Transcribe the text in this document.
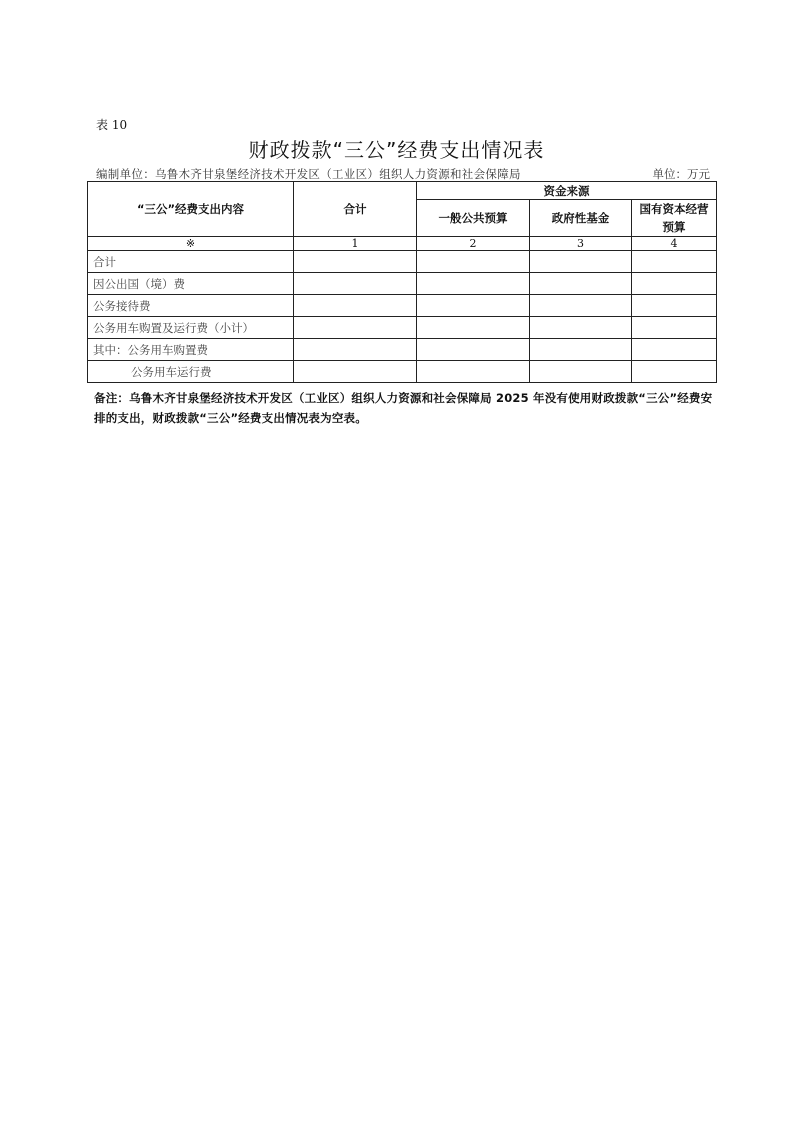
表 10
财政拨款“三公”经费支出情况表
编制单位：乌鲁木齐甘泉堡经济技术开发区（工业区）组织人力资源和社会保障局	单位：万元
“三公”经费支出内容	合计	资金来源		
		一般公共预算	政府性基金	国有资本经营预算
※	1	2	3	4
合计				
因公出国（境）费				
公务接待费				
公务用车购置及运行费（小计）				
其中：公务用车购置费				
公务用车运行费				
备注：乌鲁木齐甘泉堡经济技术开发区（工业区）组织人力资源和社会保障局 2025 年没有使用财政拨款“三公”经费安排的支出，财政拨款“三公”经费支出情况表为空表。
